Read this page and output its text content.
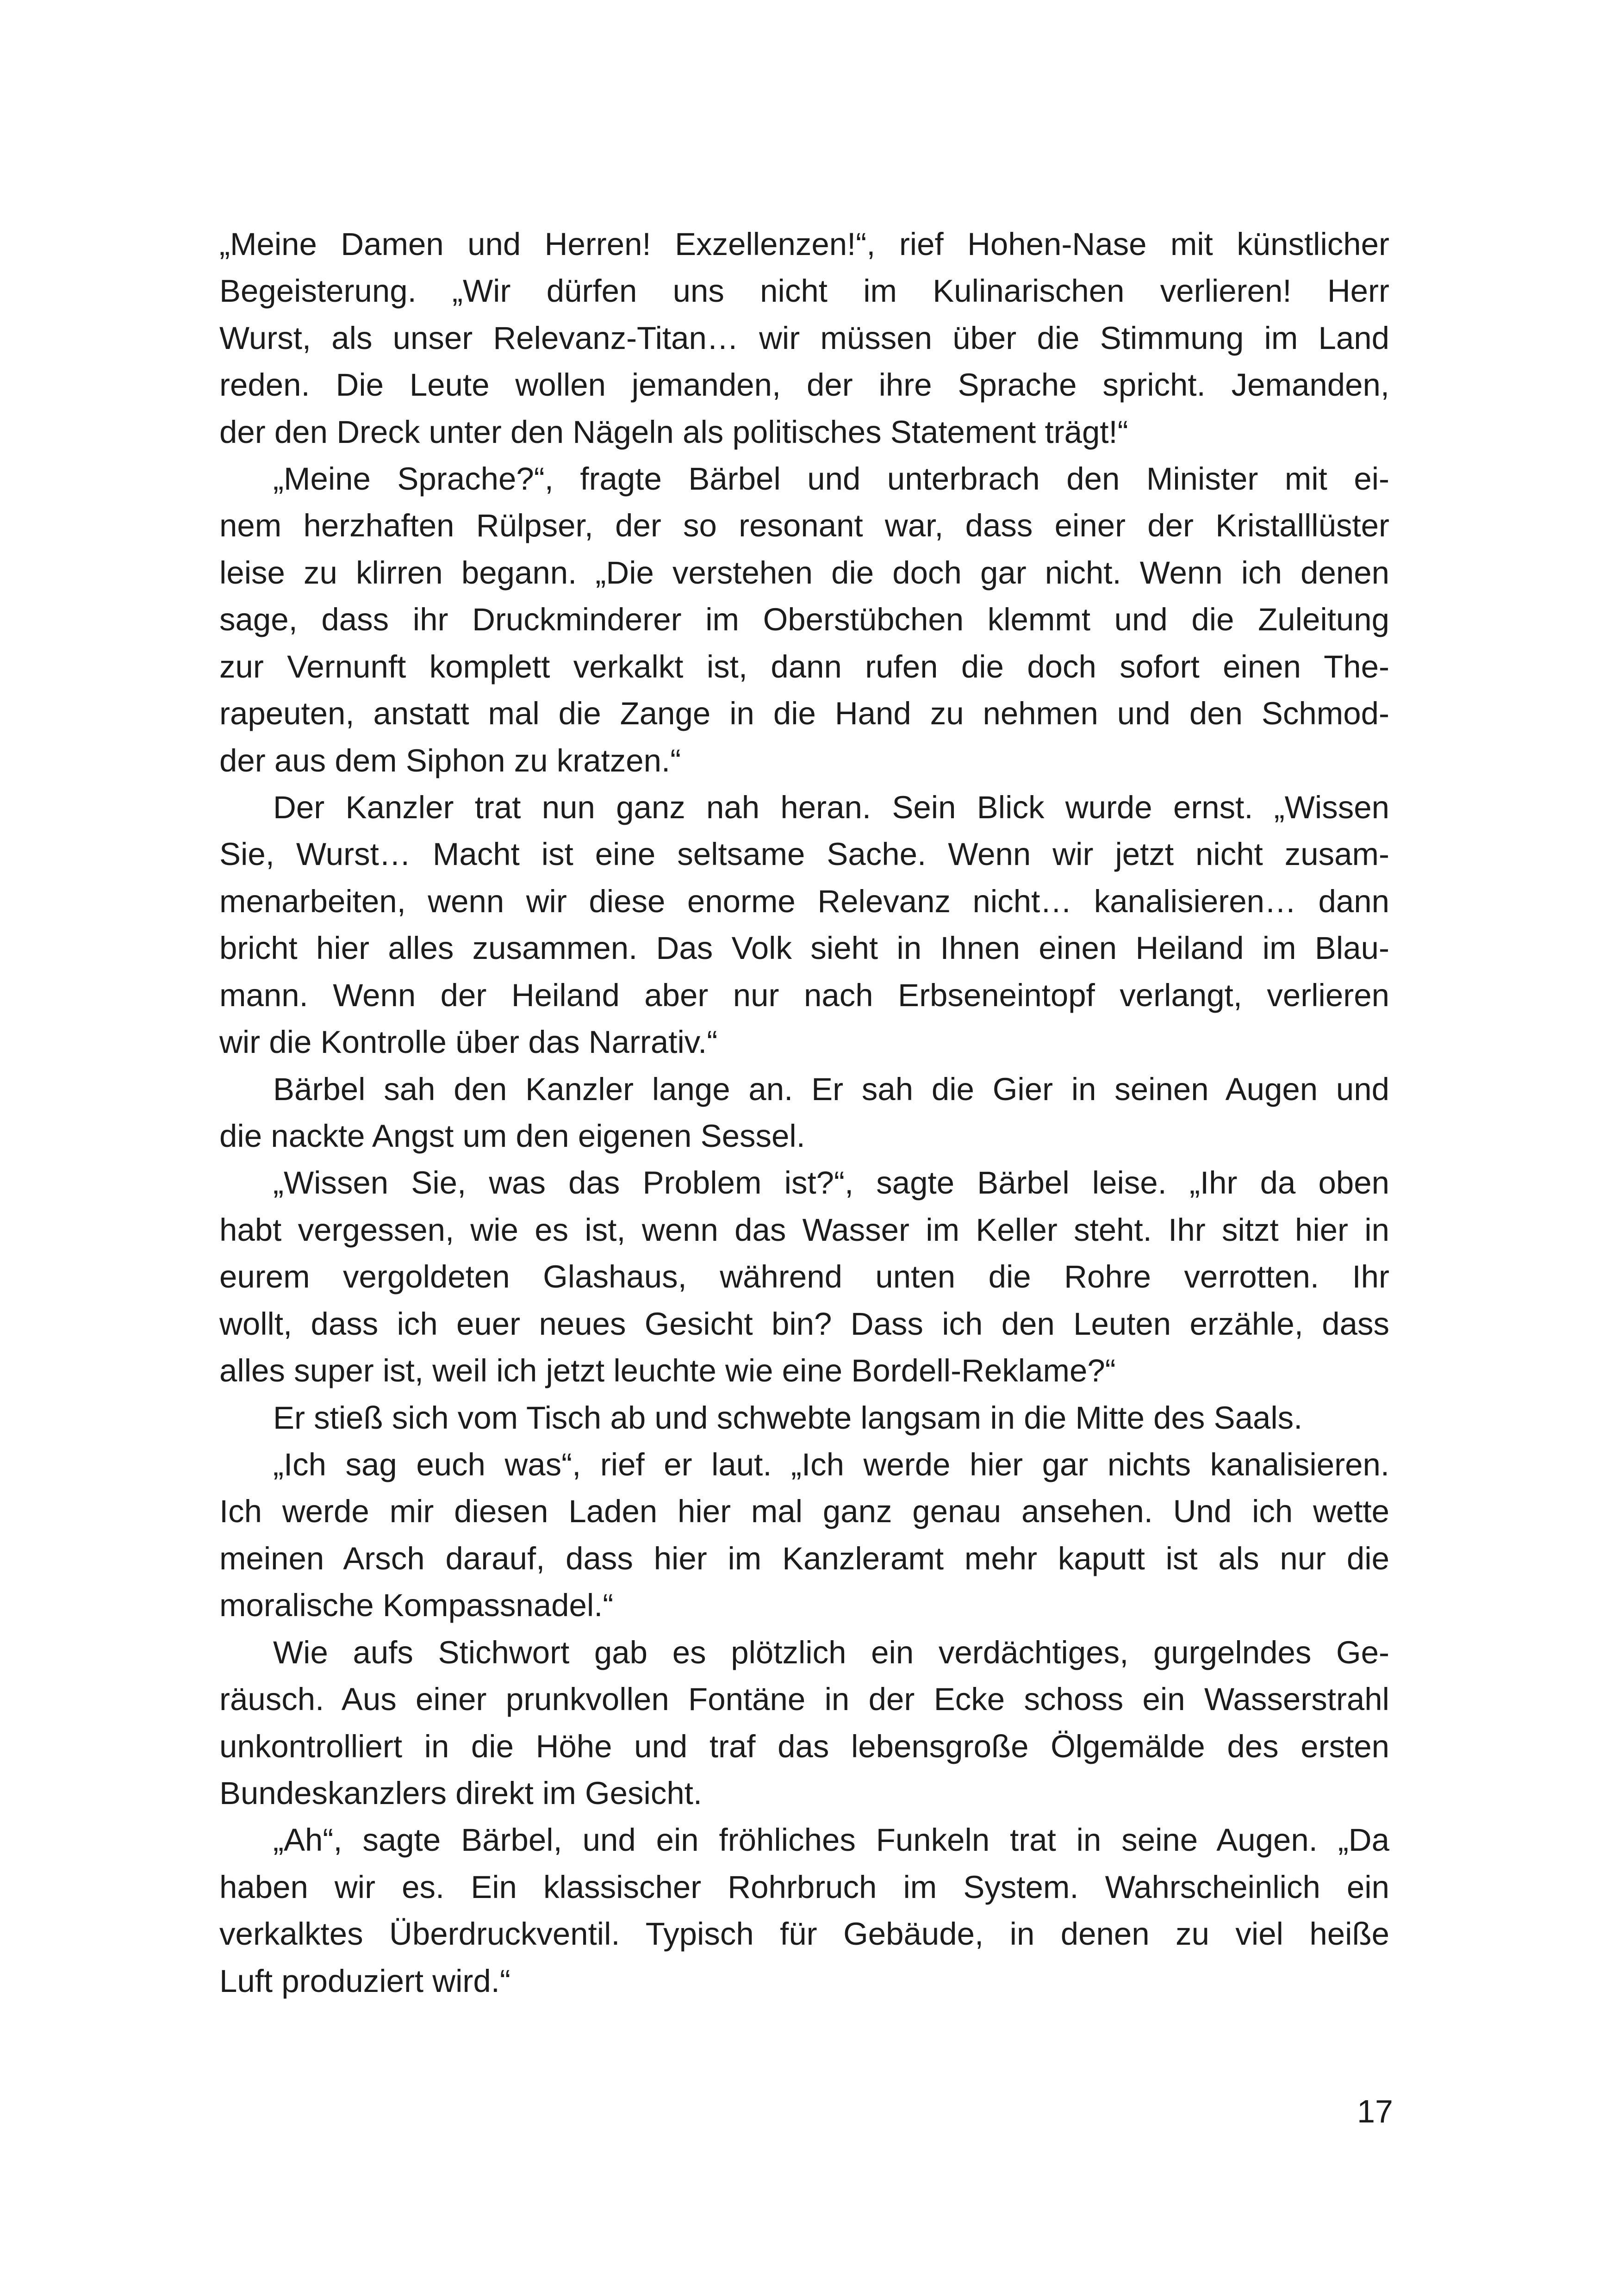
„Meine Damen und Herren! Exzellenzen!“, rief Hohen-Nase mit künstlicher
Begeisterung. „Wir dürfen uns nicht im Kulinarischen verlieren! Herr
Wurst, als unser Relevanz-Titan… wir müssen über die Stimmung im Land
reden. Die Leute wollen jemanden, der ihre Sprache spricht. Jemanden,
der den Dreck unter den Nägeln als politisches Statement trägt!“
„Meine Sprache?“, fragte Bärbel und unterbrach den Minister mit ei-
nem herzhaften Rülpser, der so resonant war, dass einer der Kristalllüster
leise zu klirren begann. „Die verstehen die doch gar nicht. Wenn ich denen
sage, dass ihr Druckminderer im Oberstübchen klemmt und die Zuleitung
zur Vernunft komplett verkalkt ist, dann rufen die doch sofort einen The-
rapeuten, anstatt mal die Zange in die Hand zu nehmen und den Schmod-
der aus dem Siphon zu kratzen.“
Der Kanzler trat nun ganz nah heran. Sein Blick wurde ernst. „Wissen
Sie, Wurst… Macht ist eine seltsame Sache. Wenn wir jetzt nicht zusam-
menarbeiten, wenn wir diese enorme Relevanz nicht… kanalisieren… dann
bricht hier alles zusammen. Das Volk sieht in Ihnen einen Heiland im Blau-
mann. Wenn der Heiland aber nur nach Erbseneintopf verlangt, verlieren
wir die Kontrolle über das Narrativ.“
Bärbel sah den Kanzler lange an. Er sah die Gier in seinen Augen und
die nackte Angst um den eigenen Sessel.
„Wissen Sie, was das Problem ist?“, sagte Bärbel leise. „Ihr da oben
habt vergessen, wie es ist, wenn das Wasser im Keller steht. Ihr sitzt hier in
eurem vergoldeten Glashaus, während unten die Rohre verrotten. Ihr
wollt, dass ich euer neues Gesicht bin? Dass ich den Leuten erzähle, dass
alles super ist, weil ich jetzt leuchte wie eine Bordell-Reklame?“
Er stieß sich vom Tisch ab und schwebte langsam in die Mitte des Saals.
„Ich sag euch was“, rief er laut. „Ich werde hier gar nichts kanalisieren.
Ich werde mir diesen Laden hier mal ganz genau ansehen. Und ich wette
meinen Arsch darauf, dass hier im Kanzleramt mehr kaputt ist als nur die
moralische Kompassnadel.“
Wie aufs Stichwort gab es plötzlich ein verdächtiges, gurgelndes Ge-
räusch. Aus einer prunkvollen Fontäne in der Ecke schoss ein Wasserstrahl
unkontrolliert in die Höhe und traf das lebensgroße Ölgemälde des ersten
Bundeskanzlers direkt im Gesicht.
„Ah“, sagte Bärbel, und ein fröhliches Funkeln trat in seine Augen. „Da
haben wir es. Ein klassischer Rohrbruch im System. Wahrscheinlich ein
verkalktes Überdruckventil. Typisch für Gebäude, in denen zu viel heiße
Luft produziert wird.“
17
